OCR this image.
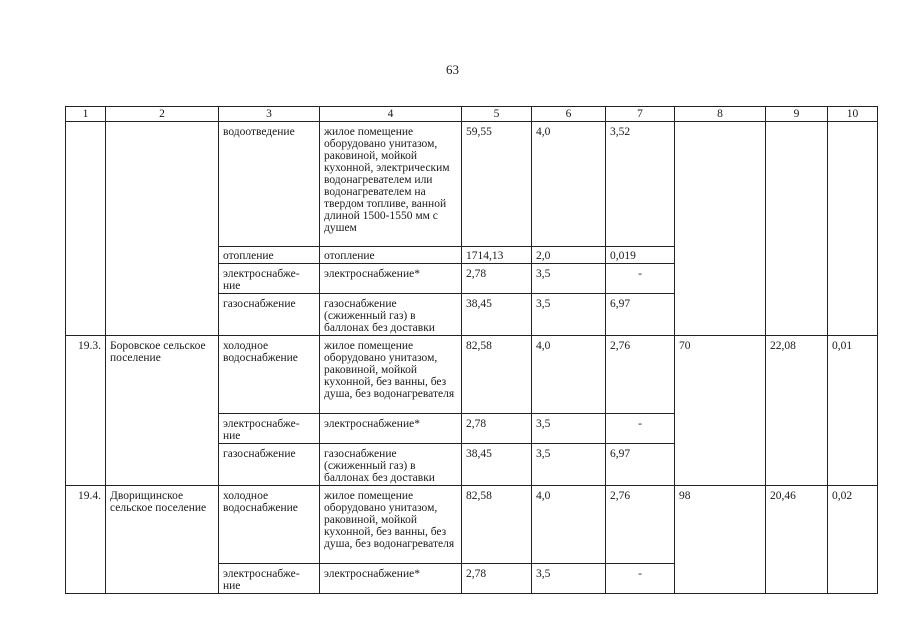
63
1	2	3	4	5	6	7	8	9	10
		водоотведение	жилое помещение оборудовано унитазом, раковиной, мойкой кухонной, электрическим водонагревателем или водонагревателем на твердом топливе, ванной длиной 1500-1550 мм с душем	59,55	4,0	3,52			
		отопление	отопление	1714,13	2,0	0,019			
		электроснабже-ние	электроснабжение*	2,78	3,5	-			
		газоснабжение	газоснабжение (сжиженный газ) в баллонах без доставки	38,45	3,5	6,97			
19.3.	Боровское сельское поселение	холодное водоснабжение	жилое помещение оборудовано унитазом, раковиной, мойкой кухонной, без ванны, без душа, без водонагревателя	82,58	4,0	2,76	70	22,08	0,01
		электроснабже-ние	электроснабжение*	2,78	3,5	-			
		газоснабжение	газоснабжение (сжиженный газ) в баллонах без доставки	38,45	3,5	6,97			
19.4.	Дворищинское сельское поселение	холодное водоснабжение	жилое помещение оборудовано унитазом, раковиной, мойкой кухонной, без ванны, без душа, без водонагревателя	82,58	4,0	2,76	98	20,46	0,02
		электроснабже-ние	электроснабжение*	2,78	3,5	-			
